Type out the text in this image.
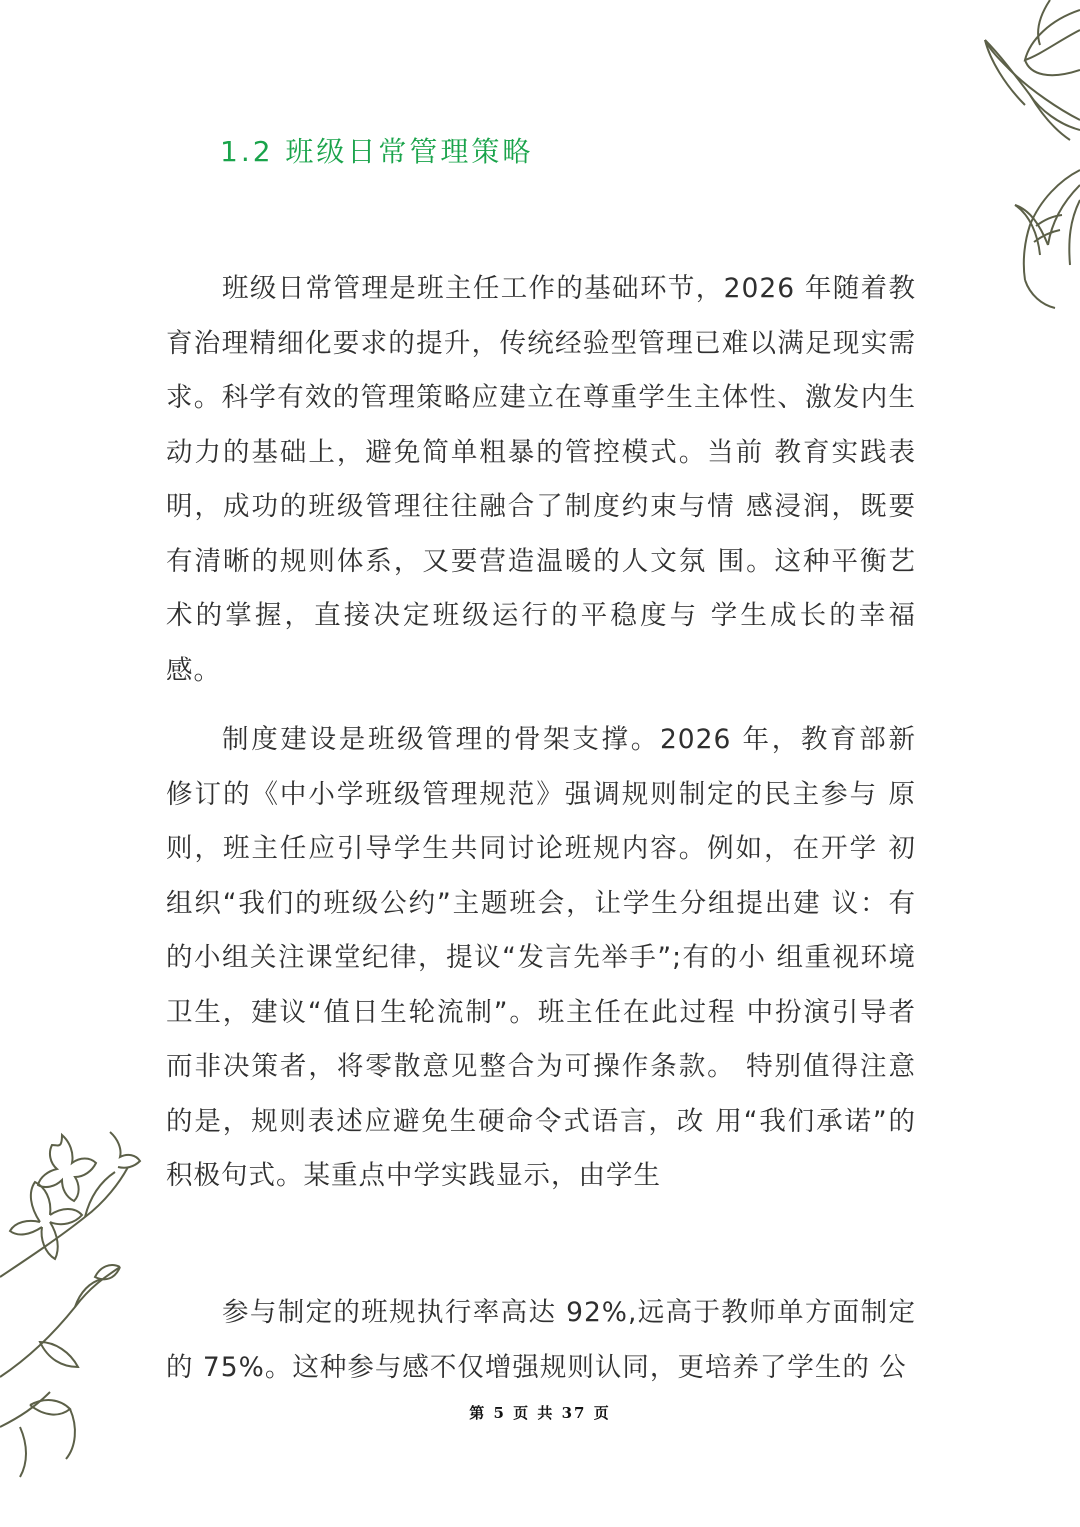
1.2 班级日常管理策略

班级日常管理是班主任工作的基础环节，2026 年随着教育治理精细化要求的提升，传统经验型管理已难以满足现实需求。科学有效的管理策略应建立在尊重学生主体性、激发内生动力的基础上，避免简单粗暴的管控模式。当前 教育实践表明，成功的班级管理往往融合了制度约束与情 感浸润，既要有清晰的规则体系，又要营造温暖的人文氛 围。这种平衡艺术的掌握，直接决定班级运行的平稳度与 学生成长的幸福感。

制度建设是班级管理的骨架支撑。2026 年，教育部新 修订的《中小学班级管理规范》强调规则制定的民主参与 原则，班主任应引导学生共同讨论班规内容。例如，在开学 初组织“我们的班级公约”主题班会，让学生分组提出建 议：有的小组关注课堂纪律，提议“发言先举手”;有的小 组重视环境卫生，建议“值日生轮流制”。班主任在此过程 中扮演引导者而非决策者，将零散意见整合为可操作条款。 特别值得注意的是，规则表述应避免生硬命令式语言，改 用“我们承诺”的积极句式。某重点中学实践显示，由学生

参与制定的班规执行率高达 92%,远高于教师单方面制定的 75%。这种参与感不仅增强规则认同，更培养了学生的 公

第 5 页 共 37 页
